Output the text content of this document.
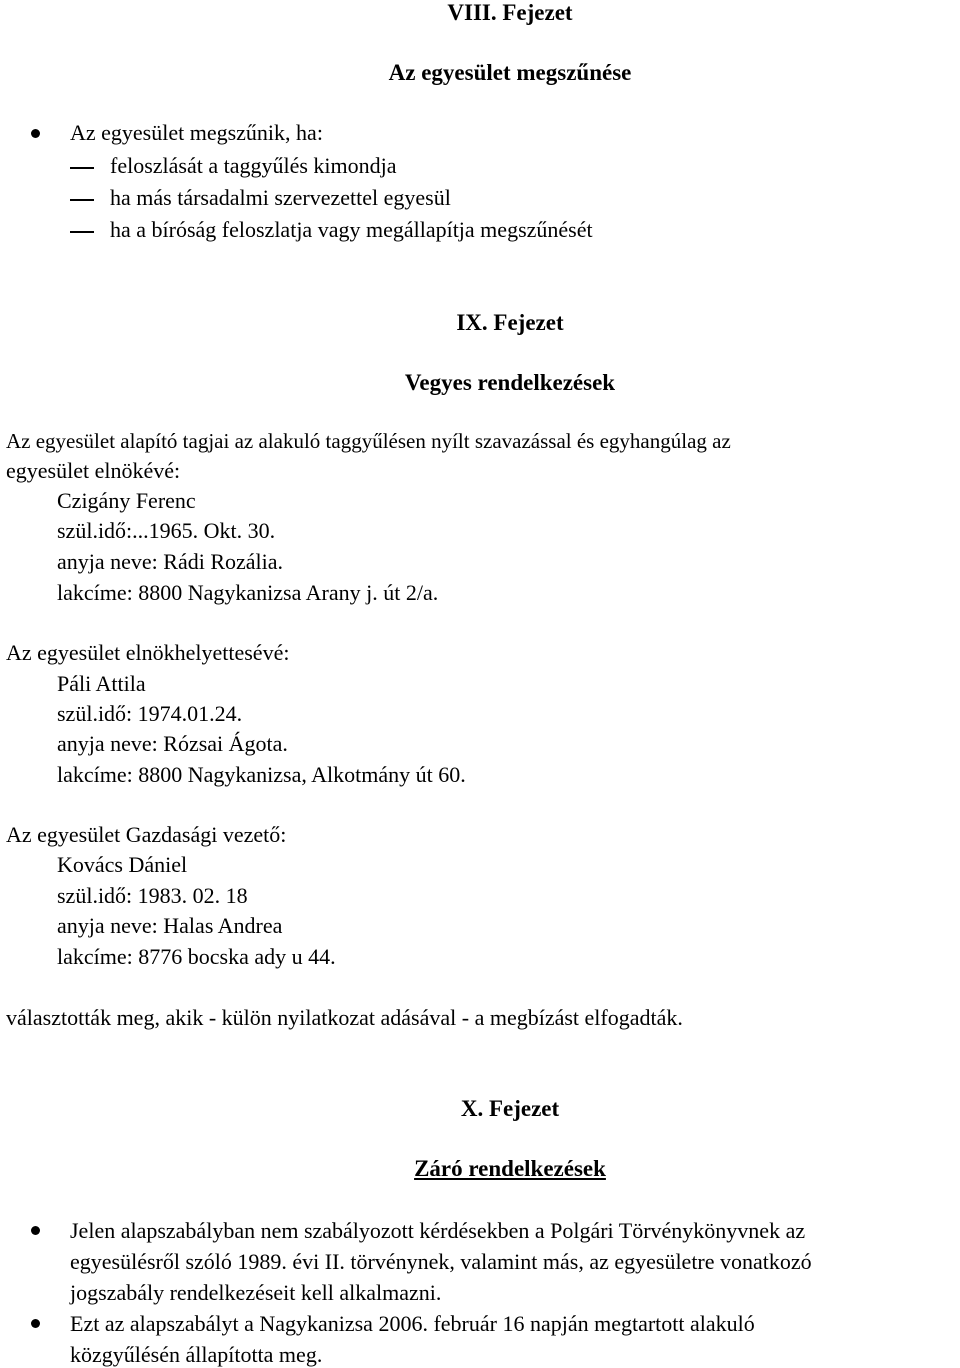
VIII. Fejezet
Az egyesület megszűnése
Az egyesület megszűnik, ha:
feloszlását a taggyűlés kimondja
ha más társadalmi szervezettel egyesül
ha a bíróság feloszlatja vagy megállapítja megszűnését
IX. Fejezet
Vegyes rendelkezések
Az egyesület alapító tagjai az alakuló taggyűlésen nyílt szavazással és egyhangúlag az
egyesület elnökévé:
Czigány Ferenc
szül.idő:...1965. Okt. 30.
anyja neve: Rádi Rozália.
lakcíme: 8800 Nagykanizsa Arany j. út 2/a.
Az egyesület elnökhelyettesévé:
Páli Attila
szül.idő: 1974.01.24.
anyja neve: Rózsai Ágota.
lakcíme: 8800 Nagykanizsa, Alkotmány út 60.
Az egyesület Gazdasági vezető:
Kovács Dániel
szül.idő: 1983. 02. 18
anyja neve: Halas Andrea
lakcíme: 8776 bocska ady u 44.
választották meg, akik - külön nyilatkozat adásával - a megbízást elfogadták.
X. Fejezet
Záró rendelkezések
Jelen alapszabályban nem szabályozott kérdésekben a Polgári Törvénykönyvnek az
egyesülésről szóló 1989. évi II. törvénynek, valamint más, az egyesületre vonatkozó
jogszabály rendelkezéseit kell alkalmazni.
Ezt az alapszabályt a Nagykanizsa 2006. február 16 napján megtartott alakuló
közgyűlésén állapította meg.
